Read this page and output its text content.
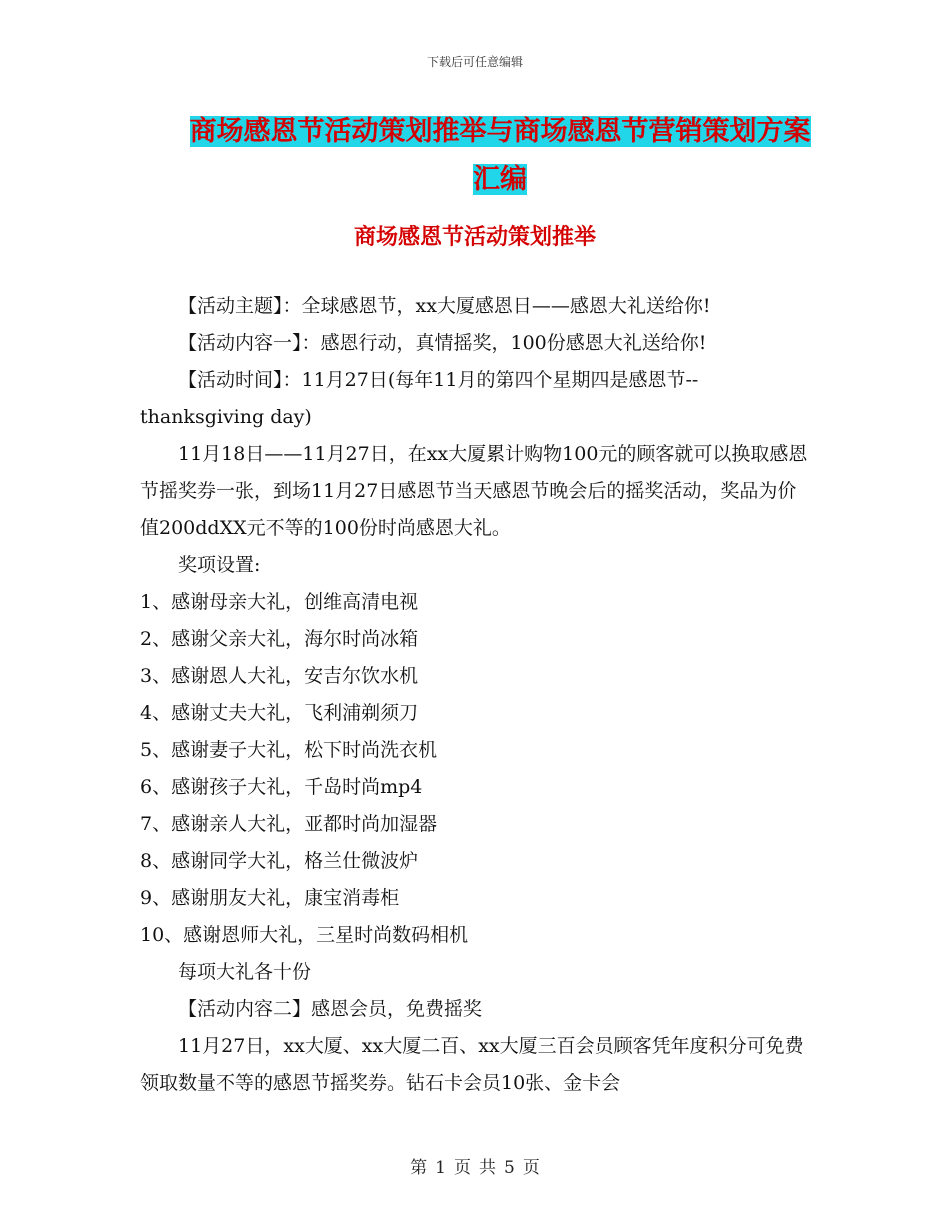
下载后可任意编辑
商场感恩节活动策划推举与商场感恩节营销策划方案
汇编
商场感恩节活动策划推举

【活动主题】：全球感恩节，xx大厦感恩日——感恩大礼送给你!

【活动内容一】：感恩行动，真情摇奖，100份感恩大礼送给你!

【活动时间】：11月27日(每年11月的第四个星期四是感恩节--thanksgiving day)

11月18日——11月27日，在xx大厦累计购物100元的顾客就可以换取感恩节摇奖券一张，到场11月27日感恩节当天感恩节晚会后的摇奖活动，奖品为价值200ddXX元不等的100份时尚感恩大礼。

奖项设置:

1、感谢母亲大礼，创维高清电视

2、感谢父亲大礼，海尔时尚冰箱

3、感谢恩人大礼，安吉尔饮水机

4、感谢丈夫大礼，飞利浦剃须刀

5、感谢妻子大礼，松下时尚洗衣机

6、感谢孩子大礼，千岛时尚mp4

7、感谢亲人大礼，亚都时尚加湿器

8、感谢同学大礼，格兰仕微波炉

9、感谢朋友大礼，康宝消毒柜

10、感谢恩师大礼，三星时尚数码相机

每项大礼各十份

【活动内容二】感恩会员，免费摇奖

11月27日，xx大厦、xx大厦二百、xx大厦三百会员顾客凭年度积分可免费领取数量不等的感恩节摇奖券。钻石卡会员10张、金卡会

第 1 页 共 5 页
